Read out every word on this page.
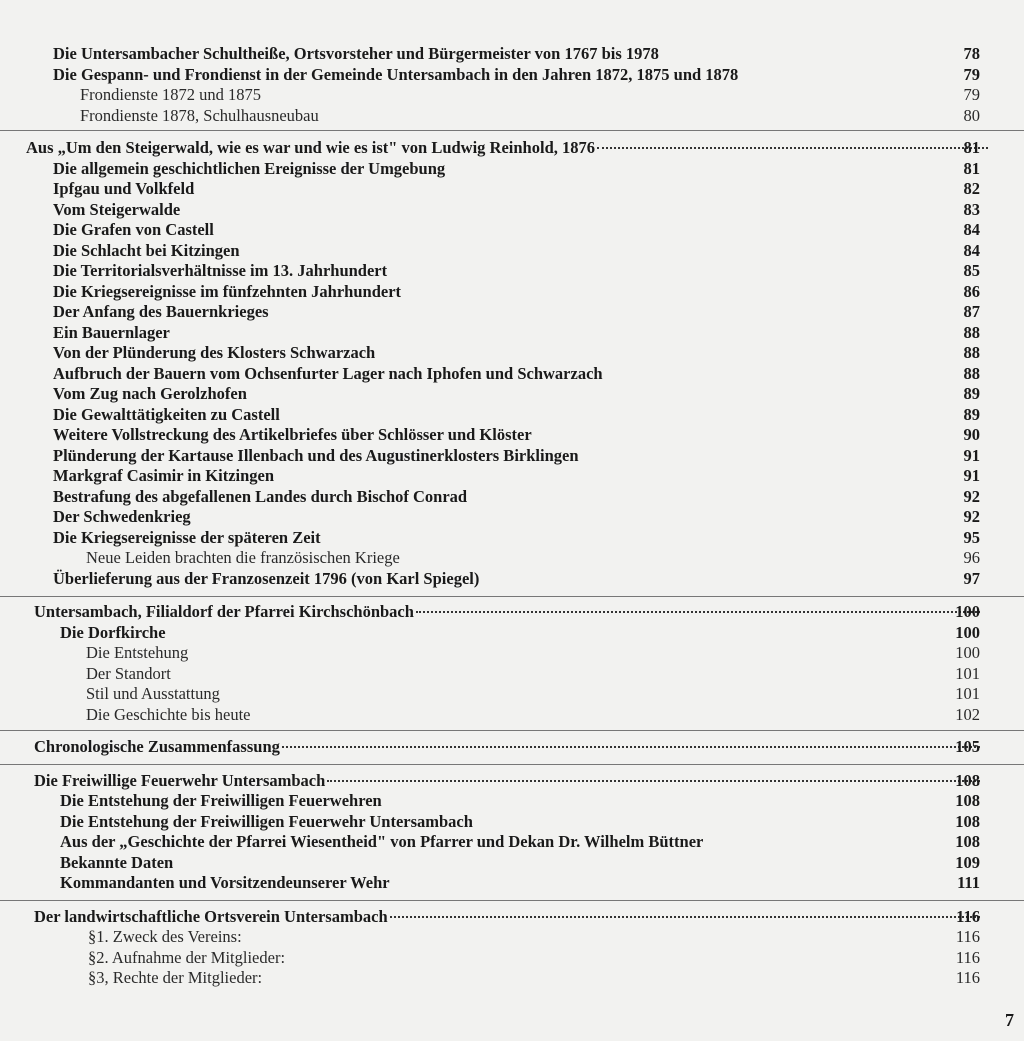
Die Untersambacher Schultheiße, Ortsvorsteher und Bürgermeister von 1767 bis 1978	78
Die Gespann- und Frondienst in der Gemeinde Untersambach in den Jahren 1872, 1875 und 1878	79
Frondienste 1872 und 1875	79
Frondienste 1878, Schulhausneubau	80
Aus „Um den Steigerwald, wie es war und wie es ist" von Ludwig Reinhold, 1876	81
Die allgemein geschichtlichen Ereignisse der Umgebung	81
Ipfgau und Volkfeld	82
Vom Steigerwalde	83
Die Grafen von Castell	84
Die Schlacht bei Kitzingen	84
Die Territorialsverhältnisse im 13. Jahrhundert	85
Die Kriegsereignisse im fünfzehnten Jahrhundert	86
Der Anfang des Bauernkrieges	87
Ein Bauernlager	88
Von der Plünderung des Klosters Schwarzach	88
Aufbruch der Bauern vom Ochsenfurter Lager nach Iphofen und Schwarzach	88
Vom Zug nach Gerolzhofen	89
Die Gewalttätigkeiten zu Castell	89
Weitere Vollstreckung des Artikelbriefes über Schlösser und Klöster	90
Plünderung der Kartause Illenbach und des Augustinerklosters Birklingen	91
Markgraf Casimir in Kitzingen	91
Bestrafung des abgefallenen Landes durch Bischof Conrad	92
Der Schwedenkrieg	92
Die Kriegsereignisse der späteren Zeit	95
Neue Leiden brachten die französischen Kriege	96
Überlieferung aus der Franzosenzeit 1796 (von Karl Spiegel)	97
Untersambach, Filialdorf der Pfarrei Kirchschönbach	100
Die Dorfkirche	100
Die Entstehung	100
Der Standort	101
Stil und Ausstattung	101
Die Geschichte bis heute	102
Chronologische Zusammenfassung	105
Die Freiwillige Feuerwehr Untersambach	108
Die Entstehung der Freiwilligen Feuerwehren	108
Die Entstehung der Freiwilligen Feuerwehr Untersambach	108
Aus der „Geschichte der Pfarrei Wiesentheid" von Pfarrer und Dekan Dr. Wilhelm Büttner	108
Bekannte Daten	109
Kommandanten und Vorsitzendeunserer Wehr	111
Der landwirtschaftliche Ortsverein Untersambach	116
§1. Zweck des Vereins:	116
§2. Aufnahme der Mitglieder:	116
§3, Rechte der Mitglieder:	116
7
